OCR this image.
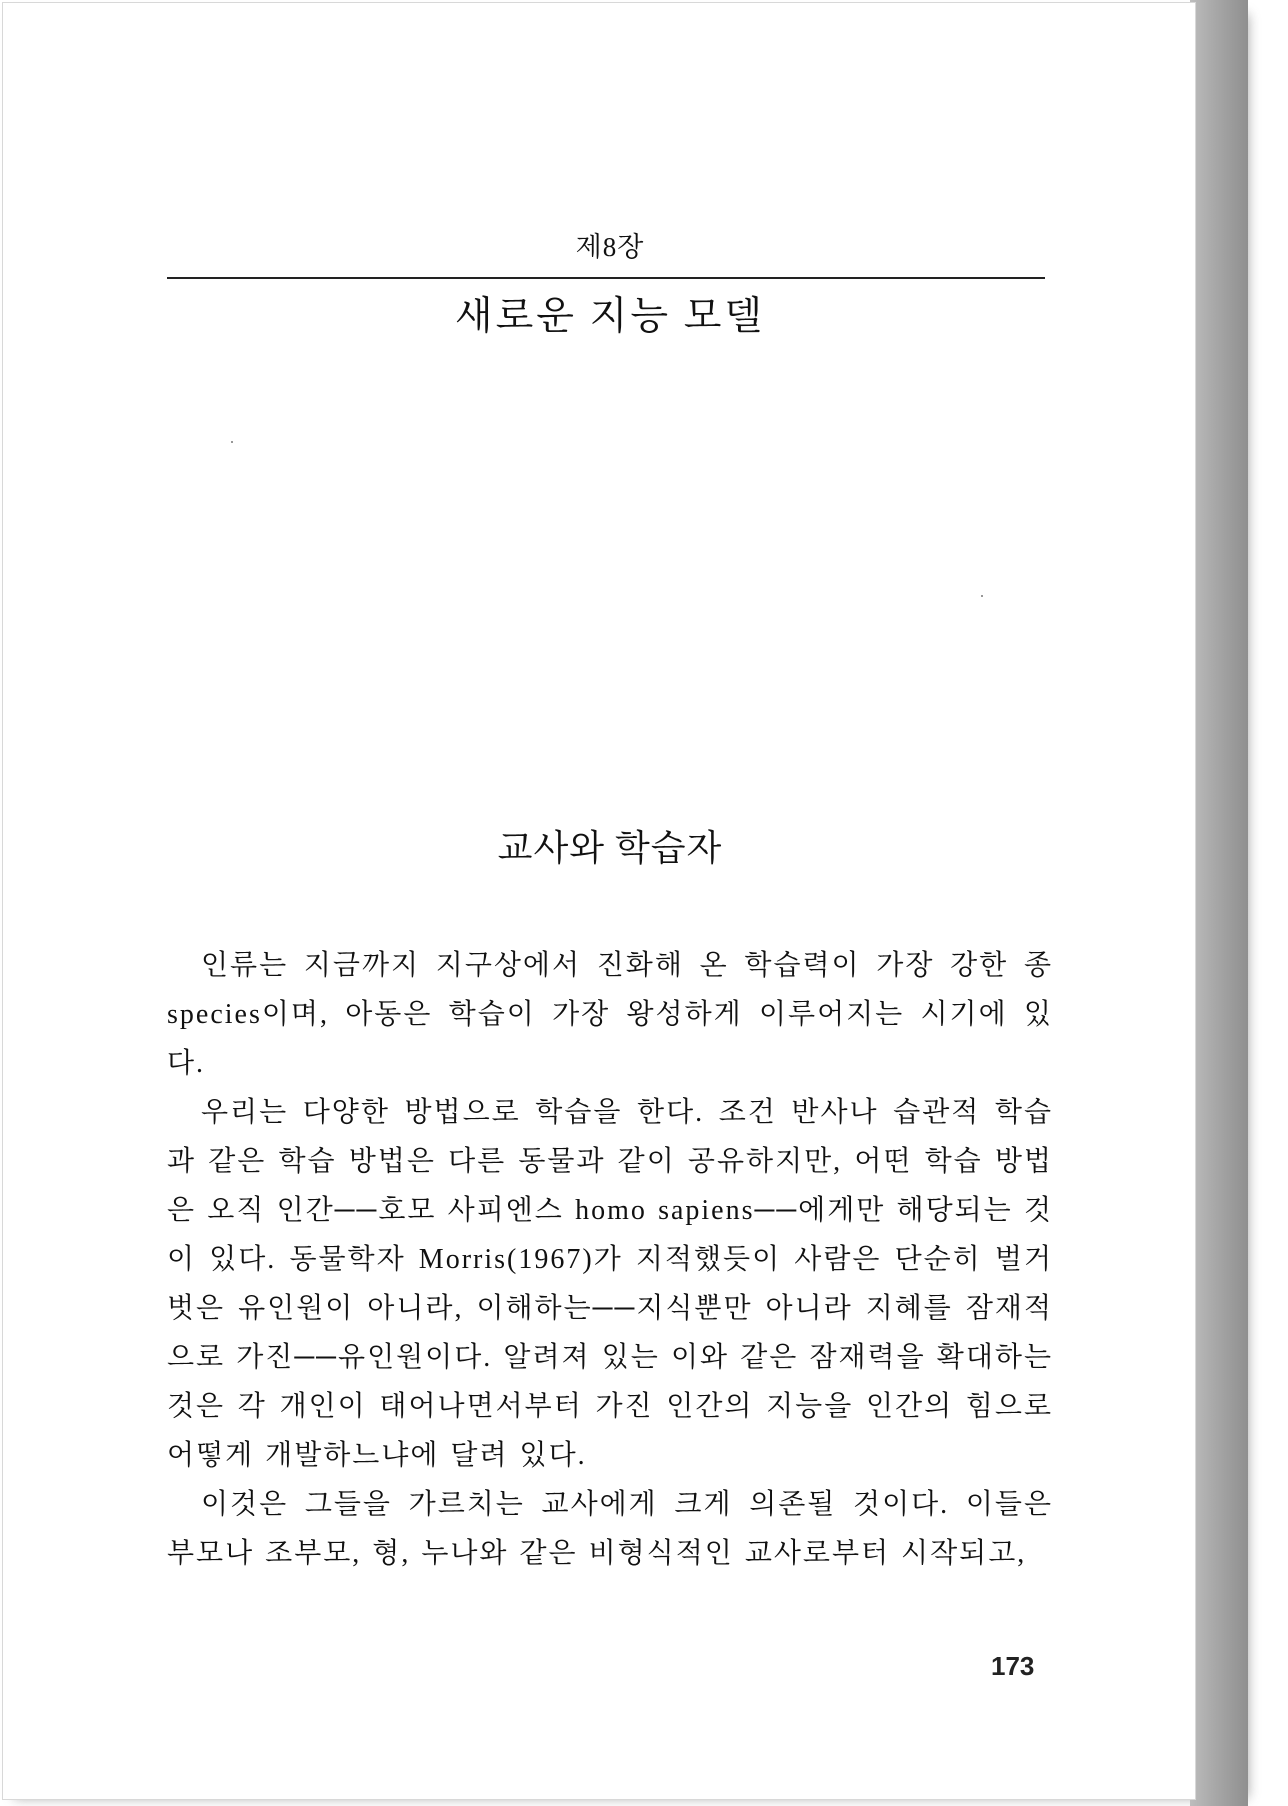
제8장

새로운 지능 모델
교사와 학습자

인류는 지금까지 지구상에서 진화해 온 학습력이 가장 강한 종 species이며, 아동은 학습이 가장 왕성하게 이루어지는 시기에 있다.

우리는 다양한 방법으로 학습을 한다. 조건 반사나 습관적 학습과 같은 학습 방법은 다른 동물과 같이 공유하지만, 어떤 학습 방법은 오직 인간──호모 사피엔스 homo sapiens──에게만 해당되는 것이 있다. 동물학자 Morris(1967)가 지적했듯이 사람은 단순히 벌거벗은 유인원이 아니라, 이해하는──지식뿐만 아니라 지혜를 잠재적으로 가진──유인원이다. 알려져 있는 이와 같은 잠재력을 확대하는 것은 각 개인이 태어나면서부터 가진 인간의 지능을 인간의 힘으로 어떻게 개발하느냐에 달려 있다.

이것은 그들을 가르치는 교사에게 크게 의존될 것이다. 이들은 부모나 조부모, 형, 누나와 같은 비형식적인 교사로부터 시작되고,

173
